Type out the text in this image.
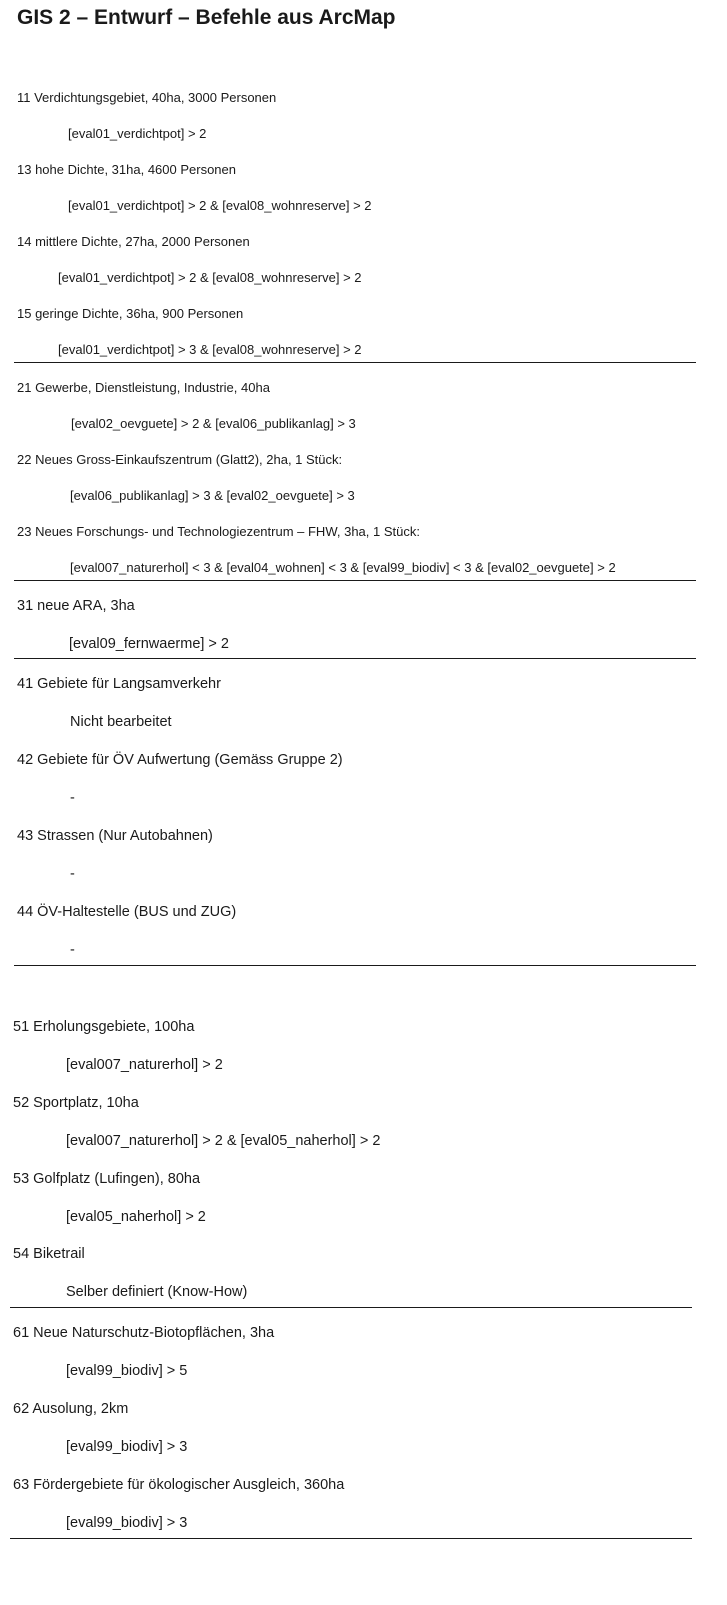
GIS 2 – Entwurf – Befehle aus ArcMap
11 Verdichtungsgebiet, 40ha, 3000 Personen
[eval01_verdichtpot] > 2
13 hohe Dichte, 31ha, 4600 Personen
[eval01_verdichtpot] > 2 & [eval08_wohnreserve] > 2
14 mittlere Dichte, 27ha, 2000 Personen
[eval01_verdichtpot] > 2 & [eval08_wohnreserve] > 2
15 geringe Dichte, 36ha, 900 Personen
[eval01_verdichtpot] > 3 & [eval08_wohnreserve] > 2
21 Gewerbe, Dienstleistung, Industrie, 40ha
[eval02_oevguete] > 2 & [eval06_publikanlag] > 3
22 Neues Gross-Einkaufszentrum (Glatt2), 2ha, 1 Stück:
[eval06_publikanlag] > 3 & [eval02_oevguete] > 3
23 Neues Forschungs- und Technologiezentrum – FHW, 3ha, 1 Stück:
[eval007_naturerhol] < 3 & [eval04_wohnen] < 3 & [eval99_biodiv] < 3 & [eval02_oevguete] > 2
31 neue ARA, 3ha
[eval09_fernwaerme] > 2
41 Gebiete für Langsamverkehr
Nicht bearbeitet
42 Gebiete für ÖV Aufwertung (Gemäss Gruppe 2)
-
43 Strassen (Nur Autobahnen)
-
44 ÖV-Haltestelle (BUS und ZUG)
-
51 Erholungsgebiete, 100ha
[eval007_naturerhol] > 2
52 Sportplatz, 10ha
[eval007_naturerhol] > 2 & [eval05_naherhol] > 2
53 Golfplatz (Lufingen), 80ha
[eval05_naherhol] > 2
54 Biketrail
Selber definiert (Know-How)
61 Neue Naturschutz-Biotopflächen, 3ha
[eval99_biodiv] > 5
62 Ausolung, 2km
[eval99_biodiv] > 3
63 Fördergebiete für ökologischer Ausgleich, 360ha
[eval99_biodiv] > 3
